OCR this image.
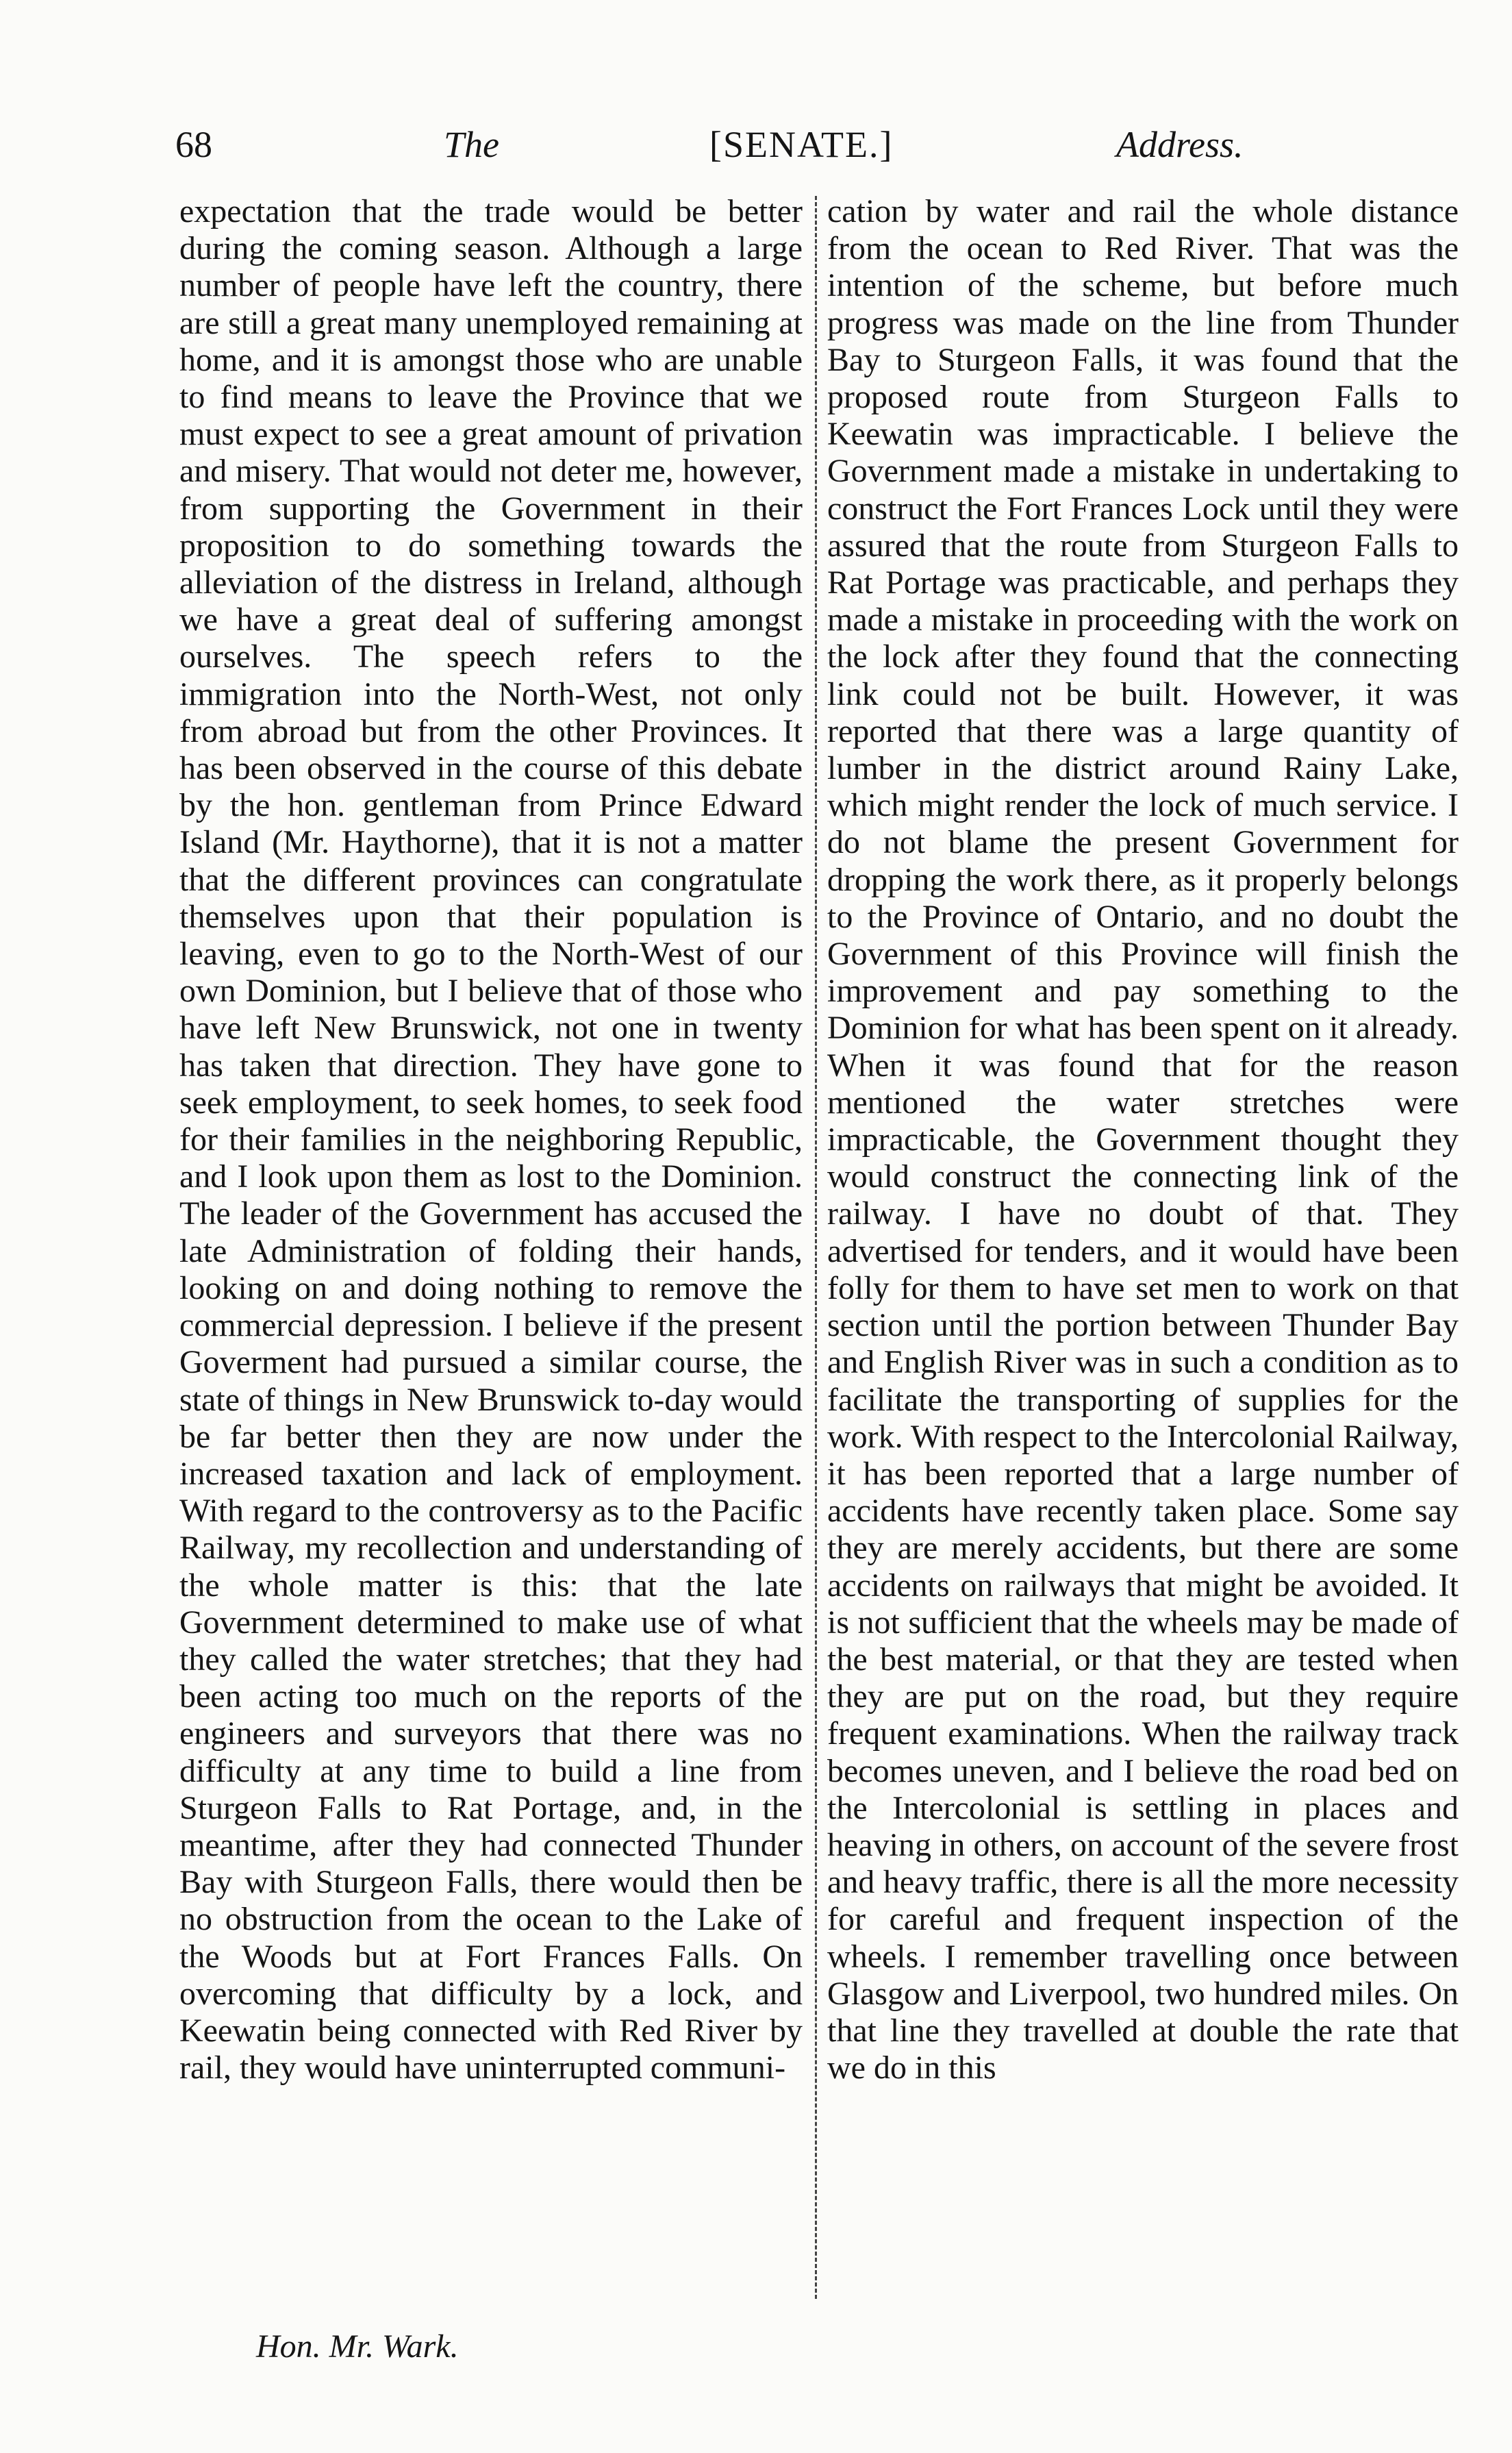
68	The	[SENATE.]	Address.

expectation that the trade would be better during the coming season. Although a large number of people have left the country, there are still a great many unemployed remaining at home, and it is amongst those who are unable to find means to leave the Province that we must expect to see a great amount of privation and misery. That would not deter me, however, from supporting the Government in their proposition to do something towards the alleviation of the distress in Ireland, although we have a great deal of suffering amongst ourselves. The speech refers to the immigration into the North-West, not only from abroad but from the other Provinces. It has been observed in the course of this debate by the hon. gentleman from Prince Edward Island (Mr. Haythorne), that it is not a matter that the different provinces can congratulate themselves upon that their population is leaving, even to go to the North-West of our own Dominion, but I believe that of those who have left New Brunswick, not one in twenty has taken that direction. They have gone to seek employment, to seek homes, to seek food for their families in the neighboring Republic, and I look upon them as lost to the Dominion. The leader of the Government has accused the late Administration of folding their hands, looking on and doing nothing to remove the commercial depression. I believe if the present Goverment had pursued a similar course, the state of things in New Brunswick to-day would be far better then they are now under the increased taxation and lack of employment. With regard to the controversy as to the Pacific Railway, my recollection and understanding of the whole matter is this: that the late Government determined to make use of what they called the water stretches; that they had been acting too much on the reports of the engineers and surveyors that there was no difficulty at any time to build a line from Sturgeon Falls to Rat Portage, and, in the meantime, after they had connected Thunder Bay with Sturgeon Falls, there would then be no obstruction from the ocean to the Lake of the Woods but at Fort Frances Falls. On overcoming that difficulty by a lock, and Keewatin being connected with Red River by rail, they would have uninterrupted communi-

cation by water and rail the whole distance from the ocean to Red River. That was the intention of the scheme, but before much progress was made on the line from Thunder Bay to Sturgeon Falls, it was found that the proposed route from Sturgeon Falls to Keewatin was impracticable. I believe the Government made a mistake in undertaking to construct the Fort Frances Lock until they were assured that the route from Sturgeon Falls to Rat Portage was practicable, and perhaps they made a mistake in proceeding with the work on the lock after they found that the connecting link could not be built. However, it was reported that there was a large quantity of lumber in the district around Rainy Lake, which might render the lock of much service. I do not blame the present Government for dropping the work there, as it properly belongs to the Province of Ontario, and no doubt the Government of this Province will finish the improvement and pay something to the Dominion for what has been spent on it already. When it was found that for the reason mentioned the water stretches were impracticable, the Government thought they would construct the connecting link of the railway. I have no doubt of that. They advertised for tenders, and it would have been folly for them to have set men to work on that section until the portion between Thunder Bay and English River was in such a condition as to facilitate the transporting of supplies for the work. With respect to the Intercolonial Railway, it has been reported that a large number of accidents have recently taken place. Some say they are merely accidents, but there are some accidents on railways that might be avoided. It is not sufficient that the wheels may be made of the best material, or that they are tested when they are put on the road, but they require frequent examinations. When the railway track becomes uneven, and I believe the road bed on the Intercolonial is settling in places and heaving in others, on account of the severe frost and heavy traffic, there is all the more necessity for careful and frequent inspection of the wheels. I remember travelling once between Glasgow and Liverpool, two hundred miles. On that line they travelled at double the rate that we do in this

Hon. Mr. Wark.
